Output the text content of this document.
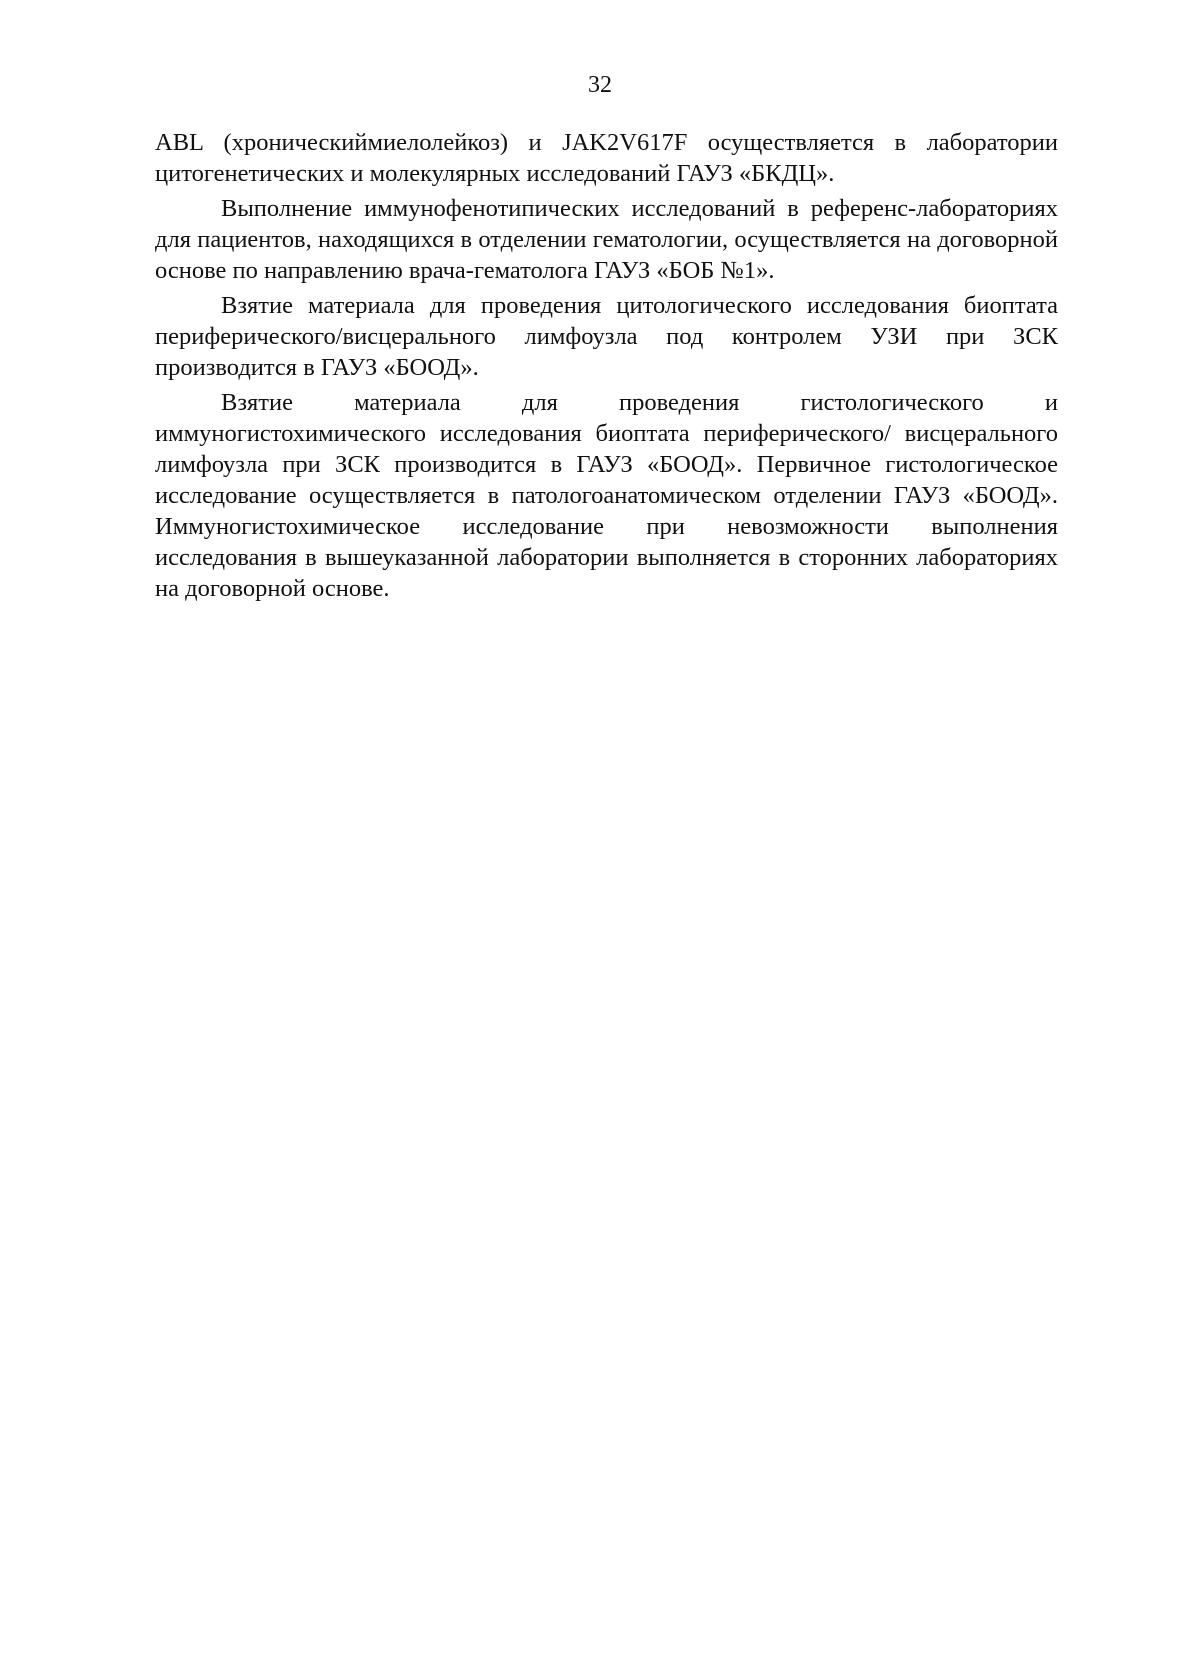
32

ABL (хроническиймиелолейкоз) и JAK2V617F осуществляется в лаборатории цитогенетических и молекулярных исследований ГАУЗ «БКДЦ».

Выполнение иммунофенотипических исследований в референс-лабораториях для пациентов, находящихся в отделении гематологии, осуществляется на договорной основе по направлению врача-гематолога ГАУЗ «БОБ №1».

Взятие материала для проведения цитологического исследования биоптата периферического/висцерального лимфоузла под контролем УЗИ при ЗСК производится в ГАУЗ «БООД».

Взятие материала для проведения гистологического и иммуногистохимического исследования биоптата периферического/ висцерального лимфоузла при ЗСК производится в ГАУЗ «БООД». Первичное гистологическое исследование осуществляется в патологоанатомическом отделении ГАУЗ «БООД». Иммуногистохимическое исследование при невозможности выполнения исследования в вышеуказанной лаборатории выполняется в сторонних лабораториях на договорной основе.
